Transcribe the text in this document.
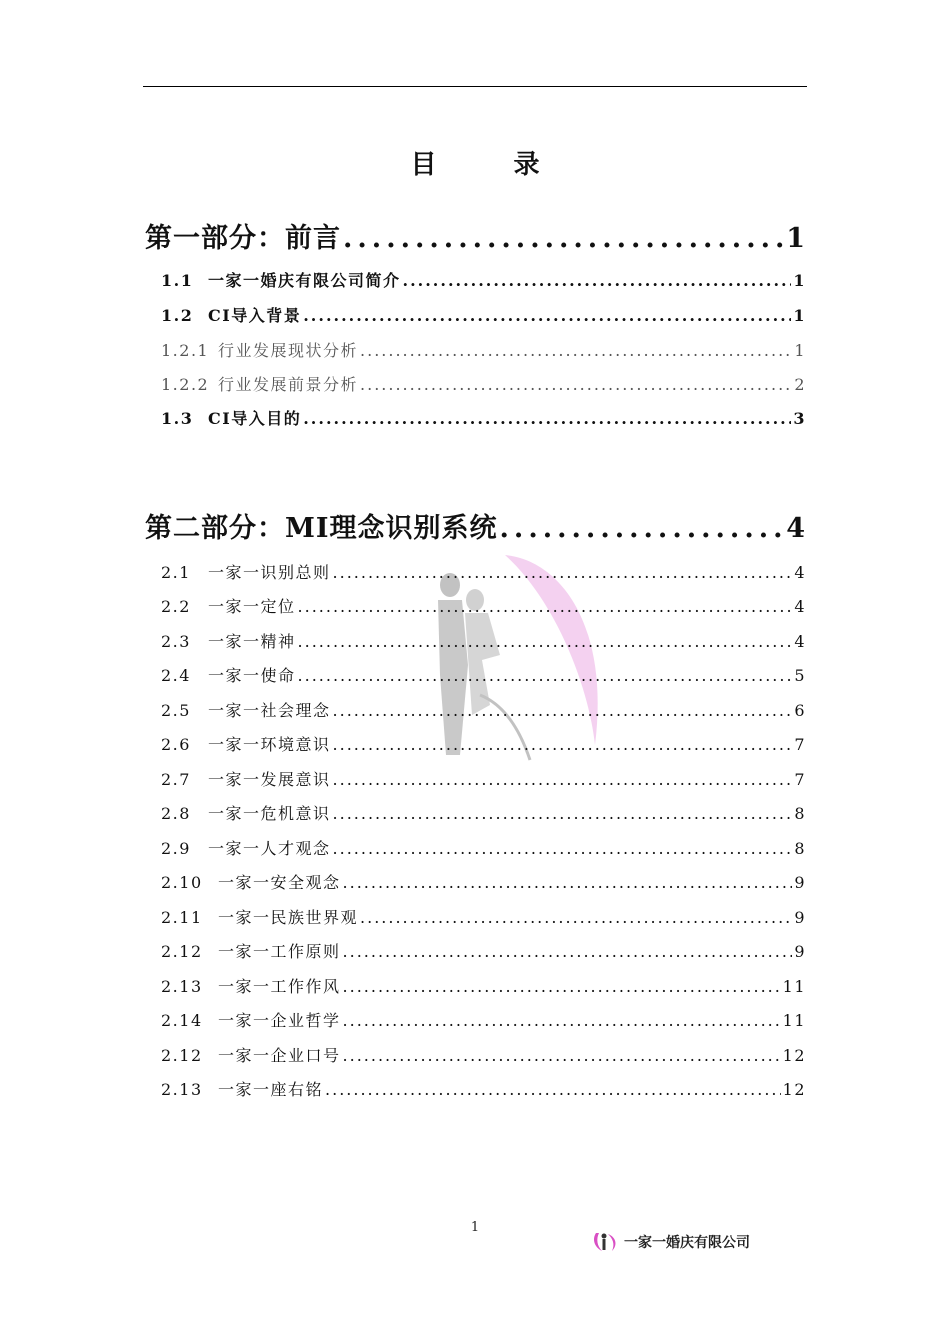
目 录
第一部分：前言 .....	1
1.1 一家一婚庆有限公司简介 .....	1
1.2 CI导入背景 .....	1
1.2.1 行业发展现状分析 .....	1
1.2.2 行业发展前景分析 .....	2
1.3 CI导入目的 .....	3
第二部分：MI理念识别系统 .....	4
2.1	一家一识别总则 .....	4
2.2	一家一定位 .....	4
2.3	一家一精神 .....	4
2.4	一家一使命 .....	5
2.5	一家一社会理念 .....	6
2.6	一家一环境意识 .....	7
2.7	一家一发展意识 .....	7
2.8	一家一危机意识 .....	8
2.9	一家一人才观念 .....	8
2.10 一家一安全观念 .....	9
2.11 一家一民族世界观 .....	9
2.12 一家一工作原则 .....	9
2.13 一家一工作作风 .....	11
2.14 一家一企业哲学 .....	11
2.12 一家一企业口号 .....	12
2.13 一家一座右铭 .....	12
1
一家一婚庆有限公司
